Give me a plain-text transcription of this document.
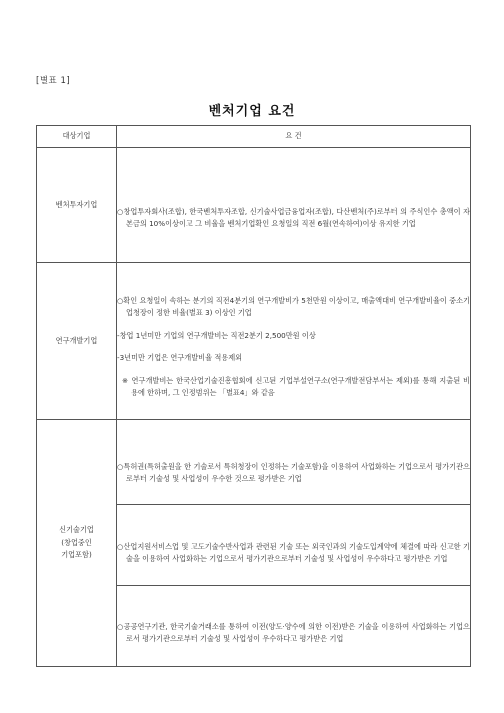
[별표 1]
벤처기업 요건
대상기업	요 건

벤처투자기업	○창업투자회사(조합), 한국벤처투자조합, 신기술사업금융업자(조합), 다산벤처(주)로부터 의 주식인수 총액이 자본금의 10%이상이고 그 비율을 벤처기업확인 요청일의 직전 6월(연속하여)이상 유지한 기업

연구개발기업	○확인 요청일이 속하는 분기의 직전4분기의 연구개발비가 5천만원 이상이고, 매출액대비 연구개발비율이 중소기업청장이 정한 비율(별표 3) 이상인 기업

-창업 1년미만 기업의 연구개발비는 직전2분기 2,500만원 이상

-3년미만 기업은 연구개발비율 적용제외

※ 연구개발비는 한국산업기술진흥협회에 신고된 기업부설연구소(연구개발전담부서는 제외)를 통해 지출된 비용에 한하며, 그 인정범위는 「별표4」와 같음

신기술기업
(창업중인
기업포함)	○특허권(특허출원을 한 기술로서 특허청장이 인정하는 기술포함)을 이용하여 사업화하는 기업으로서 평가기관으로부터 기술성 및 사업성이 우수한 것으로 평가받은 기업

	○산업지원서비스업 및 고도기술수반사업과 관련된 기술 또는 외국인과의 기술도입계약에 체결에 따라 신고한 기술을 이용하여 사업화하는 기업으로서 평가기관으로부터 기술성 및 사업성이 우수하다고 평가받은 기업

	○공공연구기관, 한국기술거래소를 통하여 이전(양도·양수에 의한 이전)받은 기술을 이용하여 사업화하는 기업으로서 평가기관으로부터 기술성 및 사업성이 우수하다고 평가받은 기업
